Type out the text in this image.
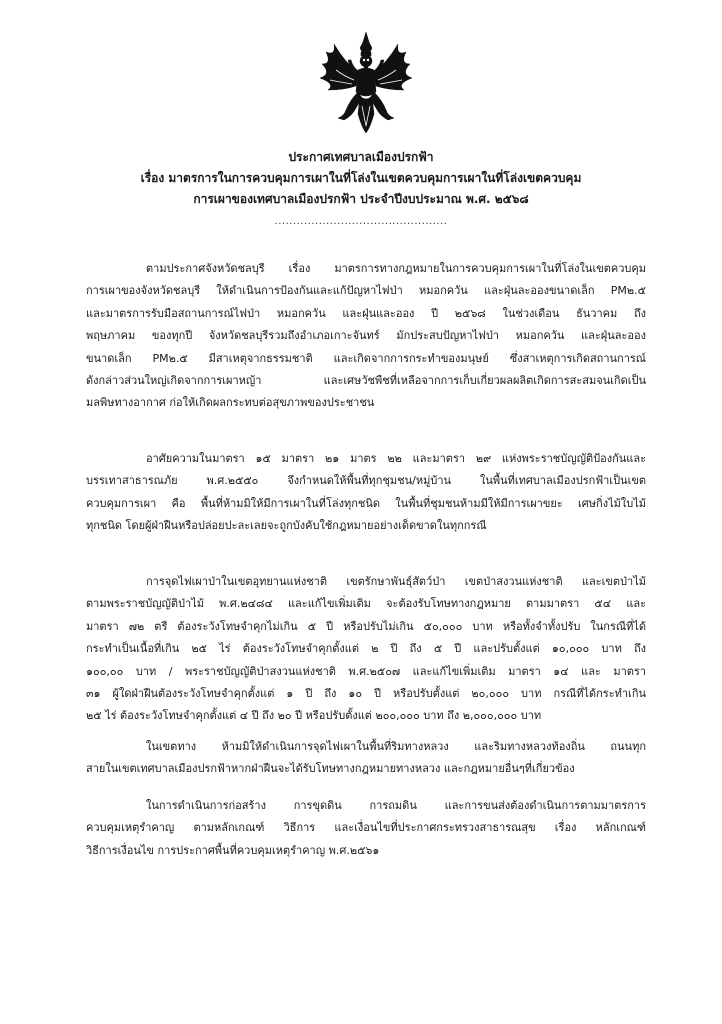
ประกาศเทศบาลเมืองปรกฟ้า
เรื่อง มาตรการในการควบคุมการเผาในที่โล่งในเขตควบคุมการเผาในที่โล่งเขตควบคุม
การเผาของเทศบาลเมืองปรกฟ้า ประจำปีงบประมาณ พ.ศ. ๒๕๖๘
...............................................
ตามประกาศจังหวัดชลบุรี เรื่อง มาตรการทางกฎหมายในการควบคุมการเผาในที่โล่งในเขตควบคุม
การเผาของจังหวัดชลบุรี ให้ดำเนินการป้องกันและแก้ปัญหาไฟป่า หมอกควัน และฝุ่นละอองขนาดเล็ก PM๒.๕
และมาตรการรับมือสถานการณ์ไฟป่า หมอกควัน และฝุ่นและออง ปี ๒๕๖๘ ในช่วงเดือน ธันวาคม ถึง
พฤษภาคม ของทุกปี จังหวัดชลบุรีรวมถึงอำเภอเกาะจันทร์ มักประสบปัญหาไฟป่า หมอกควัน และฝุ่นละออง
ขนาดเล็ก PM๒.๕ มีสาเหตุจากธรรมชาติ และเกิดจากการกระทำของมนุษย์ ซึ่งสาเหตุการเกิดสถานการณ์
ดังกล่าวส่วนใหญ่เกิดจากการเผาหญ้า และเศษวัชพืชที่เหลือจากการเก็บเกี่ยวผลผลิตเกิดการสะสมจนเกิดเป็น
มลพิษทางอากาศ ก่อให้เกิดผลกระทบต่อสุขภาพของประชาชน
อาศัยความในมาตรา ๑๕ มาตรา ๒๑ มาตร ๒๒ และมาตรา ๒๙ แห่งพระราชบัญญัติป้องกันและ
บรรเทาสาธารณภัย พ.ศ.๒๕๕๐ จึงกำหนดให้พื้นที่ทุกชุมชน/หมู่บ้าน ในพื้นที่เทศบาลเมืองปรกฟ้าเป็นเขต
ควบคุมการเผา คือ พื้นที่ห้ามมิให้มีการเผาในที่โล่งทุกชนิด ในพื้นที่ชุมชนห้ามมีให้มีการเผาขยะ เศษกิ่งไม้ใบไม้
ทุกชนิด โดยผู้ฝ่าฝืนหรือปล่อยปะละเลยจะถูกบังคับใช้กฎหมายอย่างเด็ดขาดในทุกกรณี
การจุดไฟเผาป่าในเขตอุทยานแห่งชาติ เขตรักษาพันธุ์สัตว์ป่า เขตป่าสงวนแห่งชาติ และเขตป่าไม้
ตามพระราชบัญญัติป่าไม้ พ.ศ.๒๔๘๔ และแก้ไขเพิ่มเติม จะต้องรับโทษทางกฎหมาย ตามมาตรา ๕๔ และ
มาตรา ๗๒ ตรี ต้องระวังโทษจำคุกไม่เกิน ๕ ปี หรือปรับไม่เกิน ๕๐,๐๐๐ บาท หรือทั้งจำทั้งปรับ ในกรณีที่ได้
กระทำเป็นเนื้อที่เกิน ๒๕ ไร่ ต้องระวังโทษจำคุกตั้งแต่ ๒ ปี ถึง ๕ ปี และปรับตั้งแต่ ๑๐,๐๐๐ บาท ถึง
๑๐๐,๐๐ บาท / พระราชบัญญัติป่าสงวนแห่งชาติ พ.ศ.๒๕๐๗ และแก้ไขเพิ่มเติม มาตรา ๑๔ และ มาตรา
๓๑ ผู้ใดฝ่าฝืนต้องระวังโทษจำคุกตั้งแต่ ๑ ปี ถึง ๑๐ ปี หรือปรับตั้งแต่ ๒๐,๐๐๐ บาท กรณีที่ได้กระทำเกิน
๒๕ ไร่ ต้องระวังโทษจำคุกตั้งแต่ ๔ ปี ถึง ๒๐ ปี หรือปรับตั้งแต่ ๒๐๐,๐๐๐ บาท ถึง ๒,๐๐๐,๐๐๐ บาท
ในเขตทาง ห้ามมิให้ดำเนินการจุดไฟเผาในพื้นที่ริมทางหลวง และริมทางหลวงท้องถิ่น ถนนทุก
สายในเขตเทศบาลเมืองปรกฟ้าหากฝ่าฝืนจะได้รับโทษทางกฎหมายทางหลวง และกฎหมายอื่นๆที่เกี่ยวข้อง
ในการดำเนินการก่อสร้าง การขุดดิน การถมดิน และการขนส่งต้องดำเนินการตามมาตรการ
ควบคุมเหตุรำคาญ ตามหลักเกณฑ์ วิธีการ และเงื่อนไขที่ประกาศกระทรวงสาธารณสุข เรื่อง หลักเกณฑ์
วิธีการเงื่อนไข การประกาศพื้นที่ควบคุมเหตุรำคาญ พ.ศ.๒๕๖๑
